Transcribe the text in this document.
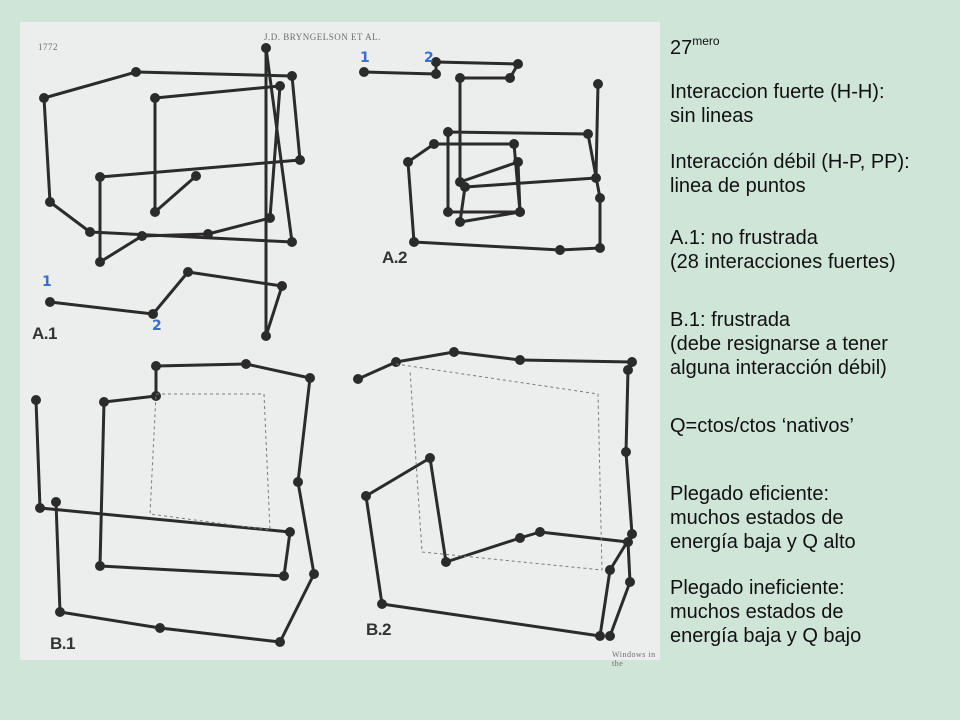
1772
J.D. BRYNGELSON ET AL.
Windows in the
A.1
A.2
B.1
B.2
1
2
1	2	$27^{mero}$
Interaccion fuerte (H-H):
sin lineas
Interacción débil (H-P, PP):
linea de puntos
A.1: no frustrada
(28 interacciones fuertes)
B.1: frustrada
(debe resignarse a tener
alguna interacción débil)
Q=ctos/ctos ‘nativos’
Plegado eficiente:
muchos estados de
energía baja y Q alto
Plegado ineficiente:
muchos estados de
energía baja y Q bajo
